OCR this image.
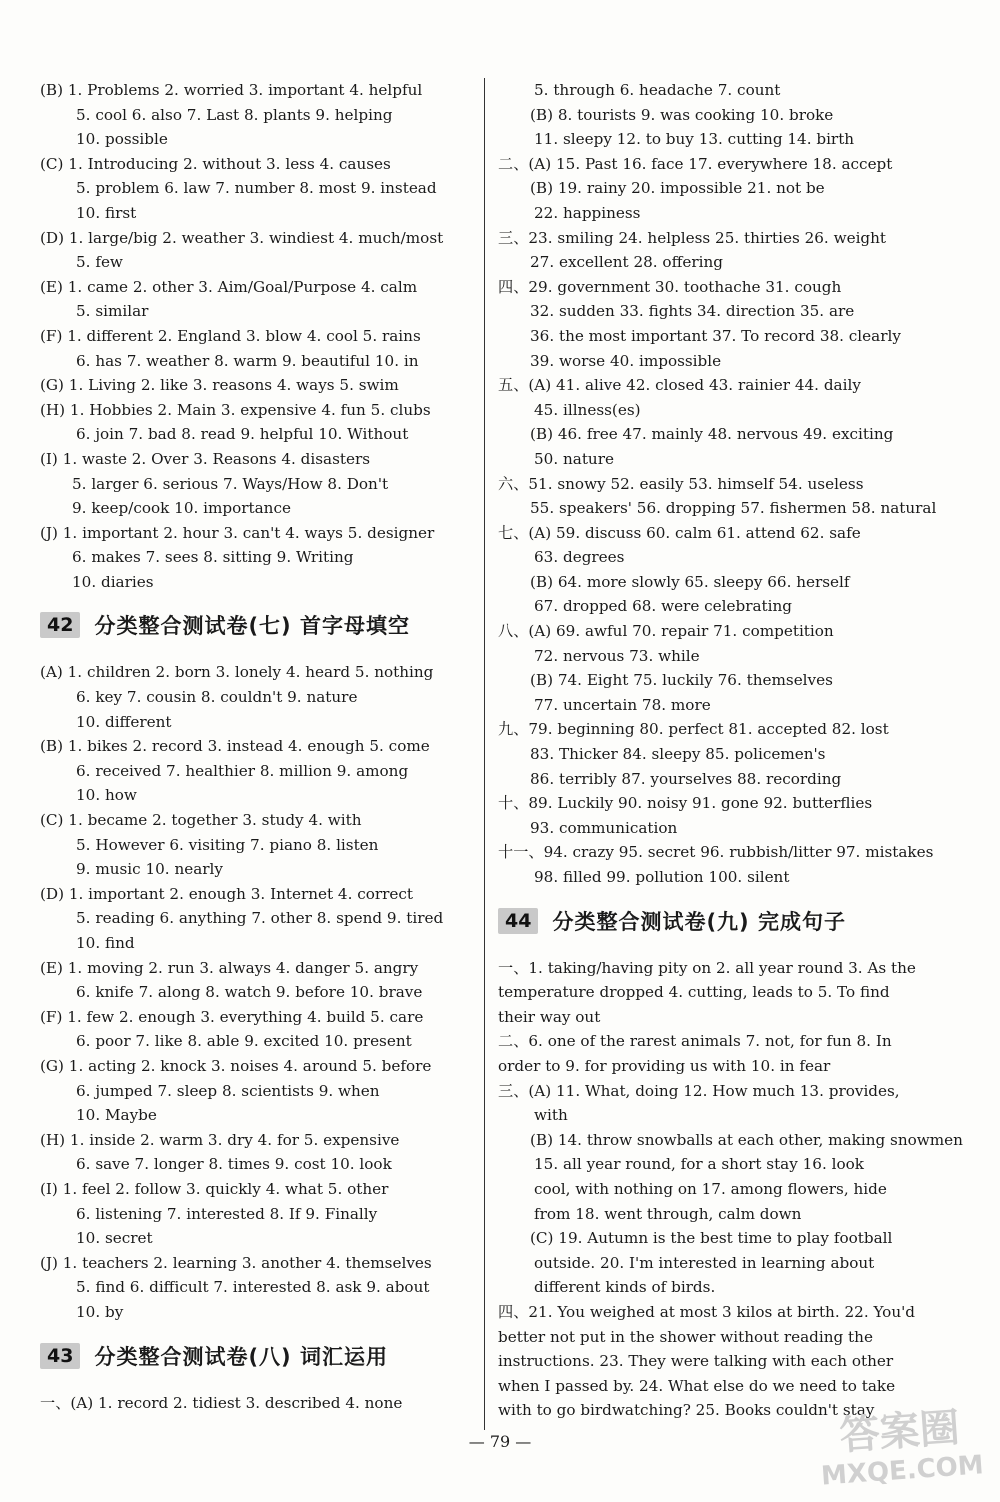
(B) 1. Problems 2. worried 3. important 4. helpful
5. cool 6. also 7. Last 8. plants 9. helping
10. possible
(C) 1. Introducing 2. without 3. less 4. causes
5. problem 6. law 7. number 8. most 9. instead
10. first
(D) 1. large/big 2. weather 3. windiest 4. much/most
5. few
(E) 1. came 2. other 3. Aim/Goal/Purpose 4. calm
5. similar
(F) 1. different 2. England 3. blow 4. cool 5. rains
6. has 7. weather 8. warm 9. beautiful 10. in
(G) 1. Living 2. like 3. reasons 4. ways 5. swim
(H) 1. Hobbies 2. Main 3. expensive 4. fun 5. clubs
6. join 7. bad 8. read 9. helpful 10. Without
(I) 1. waste 2. Over 3. Reasons 4. disasters
5. larger 6. serious 7. Ways/How 8. Don't
9. keep/cook 10. importance
(J) 1. important 2. hour 3. can't 4. ways 5. designer
6. makes 7. sees 8. sitting 9. Writing
10. diaries
42	分类整合测试卷(七) 首字母填空
(A) 1. children 2. born 3. lonely 4. heard 5. nothing
6. key 7. cousin 8. couldn't 9. nature
10. different
(B) 1. bikes 2. record 3. instead 4. enough 5. come
6. received 7. healthier 8. million 9. among
10. how
(C) 1. became 2. together 3. study 4. with
5. However 6. visiting 7. piano 8. listen
9. music 10. nearly
(D) 1. important 2. enough 3. Internet 4. correct
5. reading 6. anything 7. other 8. spend 9. tired
10. find
(E) 1. moving 2. run 3. always 4. danger 5. angry
6. knife 7. along 8. watch 9. before 10. brave
(F) 1. few 2. enough 3. everything 4. build 5. care
6. poor 7. like 8. able 9. excited 10. present
(G) 1. acting 2. knock 3. noises 4. around 5. before
6. jumped 7. sleep 8. scientists 9. when
10. Maybe
(H) 1. inside 2. warm 3. dry 4. for 5. expensive
6. save 7. longer 8. times 9. cost 10. look
(I) 1. feel 2. follow 3. quickly 4. what 5. other
6. listening 7. interested 8. If 9. Finally
10. secret
(J) 1. teachers 2. learning 3. another 4. themselves
5. find 6. difficult 7. interested 8. ask 9. about
10. by
43	分类整合测试卷(八) 词汇运用
一、(A) 1. record 2. tidiest 3. described 4. none
5. through 6. headache 7. count
(B) 8. tourists 9. was cooking 10. broke
11. sleepy 12. to buy 13. cutting 14. birth
二、(A) 15. Past 16. face 17. everywhere 18. accept
(B) 19. rainy 20. impossible 21. not be
22. happiness
三、23. smiling 24. helpless 25. thirties 26. weight
27. excellent 28. offering
四、29. government 30. toothache 31. cough
32. sudden 33. fights 34. direction 35. are
36. the most important 37. To record 38. clearly
39. worse 40. impossible
五、(A) 41. alive 42. closed 43. rainier 44. daily
45. illness(es)
(B) 46. free 47. mainly 48. nervous 49. exciting
50. nature
六、51. snowy 52. easily 53. himself 54. useless
55. speakers' 56. dropping 57. fishermen 58. natural
七、(A) 59. discuss 60. calm 61. attend 62. safe
63. degrees
(B) 64. more slowly 65. sleepy 66. herself
67. dropped 68. were celebrating
八、(A) 69. awful 70. repair 71. competition
72. nervous 73. while
(B) 74. Eight 75. luckily 76. themselves
77. uncertain 78. more
九、79. beginning 80. perfect 81. accepted 82. lost
83. Thicker 84. sleepy 85. policemen's
86. terribly 87. yourselves 88. recording
十、89. Luckily 90. noisy 91. gone 92. butterflies
93. communication
十一、94. crazy 95. secret 96. rubbish/litter 97. mistakes
98. filled 99. pollution 100. silent
44	分类整合测试卷(九) 完成句子
一、1. taking/having pity on 2. all year round 3. As the
temperature dropped 4. cutting, leads to 5. To find
their way out
二、6. one of the rarest animals 7. not, for fun 8. In
order to 9. for providing us with 10. in fear
三、(A) 11. What, doing 12. How much 13. provides,
with
(B) 14. throw snowballs at each other, making snowmen
15. all year round, for a short stay 16. look
cool, with nothing on 17. among flowers, hide
from 18. went through, calm down
(C) 19. Autumn is the best time to play football
outside. 20. I'm interested in learning about
different kinds of birds.
四、21. You weighed at most 3 kilos at birth. 22. You'd
better not put in the shower without reading the
instructions. 23. They were talking with each other
when I passed by. 24. What else do we need to take
with to go birdwatching? 25. Books couldn't stay
— 79 —	答案圈
MXQE.COM
